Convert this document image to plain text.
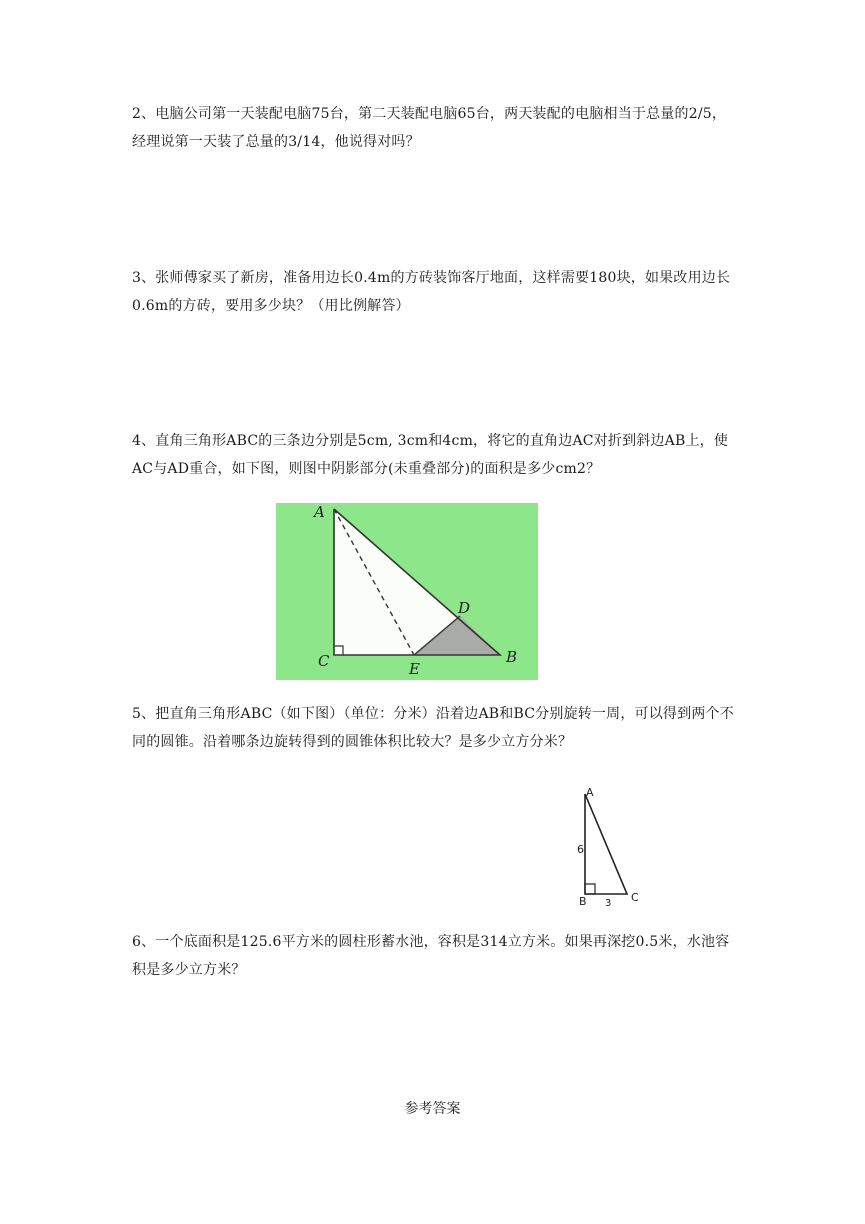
2、电脑公司第一天装配电脑75台，第二天装配电脑65台，两天装配的电脑相当于总量的2/5，经理说第一天装了总量的3/14，他说得对吗？

3、张师傅家买了新房，准备用边长0.4m的方砖装饰客厅地面，这样需要180块，如果改用边长0.6m的方砖，要用多少块？（用比例解答）

4、直角三角形ABC的三条边分别是5cm, 3cm和4cm，将它的直角边AC对折到斜边AB上，使AC与AD重合，如下图，则图中阴影部分(未重叠部分)的面积是多少cm2？

A
C	E
D
B

5、把直角三角形ABC（如下图）（单位：分米）沿着边AB和BC分别旋转一周，可以得到两个不同的圆锥。沿着哪条边旋转得到的圆锥体积比较大？是多少立方分米？

A
B	C
6
3

6、一个底面积是125.6平方米的圆柱形蓄水池，容积是314立方米。如果再深挖0.5米，水池容积是多少立方米？

参考答案
